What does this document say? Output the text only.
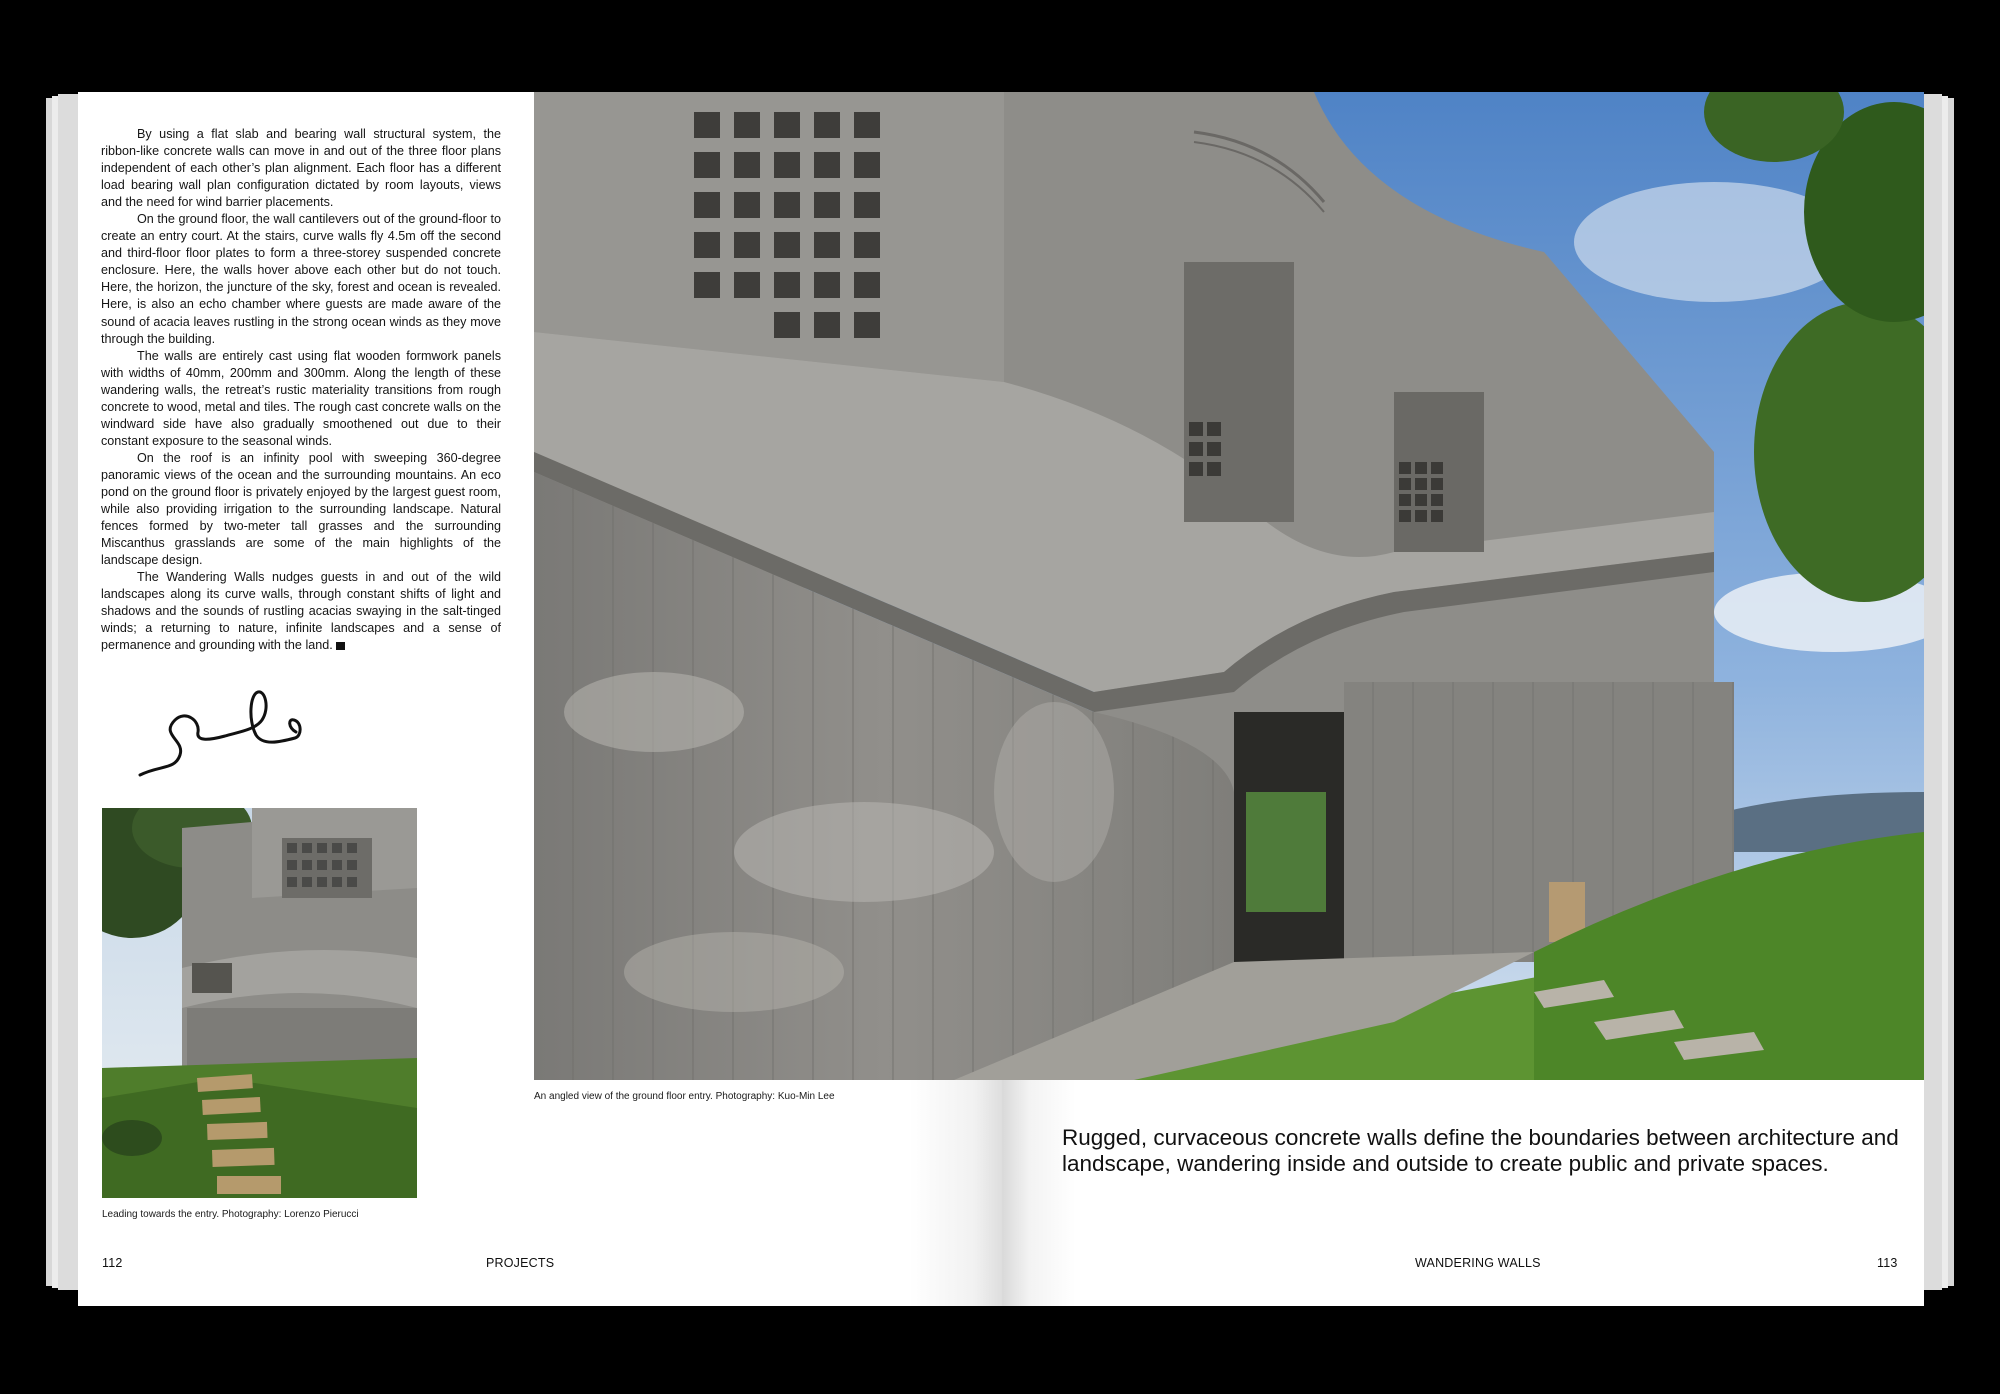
By using a flat slab and bearing wall structural system, the ribbon-like concrete walls can move in and out of the three floor plans independent of each other’s plan alignment. Each floor has a different load bearing wall plan configuration dictated by room layouts, views and the need for wind barrier placements.

On the ground floor, the wall cantilevers out of the ground-floor to create an entry court. At the stairs, curve walls fly 4.5m off the second and third-floor floor plates to form a three-storey suspended concrete enclosure. Here, the walls hover above each other but do not touch. Here, the horizon, the juncture of the sky, forest and ocean is revealed. Here, is also an echo chamber where guests are made aware of the sound of acacia leaves rustling in the strong ocean winds as they move through the building.

The walls are entirely cast using flat wooden formwork panels with widths of 40mm, 200mm and 300mm. Along the length of these wandering walls, the retreat’s rustic materiality transitions from rough concrete to wood, metal and tiles. The rough cast concrete walls on the windward side have also gradually smoothened out due to their constant exposure to the seasonal winds.

On the roof is an infinity pool with sweeping 360-degree panoramic views of the ocean and the surrounding mountains. An eco pond on the ground floor is privately enjoyed by the largest guest room, while also providing irrigation to the surrounding landscape. Natural fences formed by two-meter tall grasses and the surrounding Miscanthus grasslands are some of the main highlights of the landscape design.

The Wandering Walls nudges guests in and out of the wild landscapes along its curve walls, through constant shifts of light and shadows and the sounds of rustling acacias swaying in the salt-tinged winds; a returning to nature, infinite landscapes and a sense of permanence and grounding with the land.

Leading towards the entry. Photography: Lorenzo Pierucci
An angled view of the ground floor entry. Photography: Kuo-Min Lee
Rugged, curvaceous concrete walls define the boundaries between architecture and landscape, wandering inside and outside to create public and private spaces.
112	PROJECTS	WANDERING WALLS	113
